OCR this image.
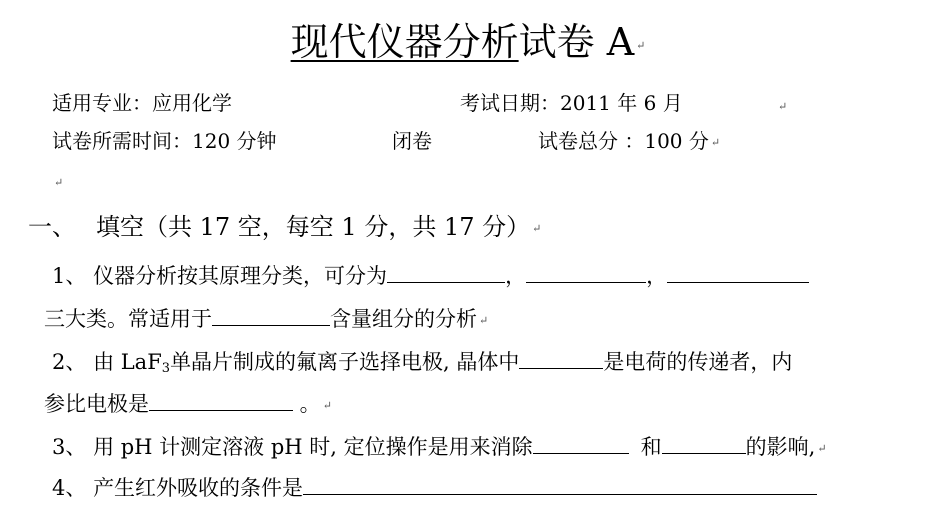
现代仪器分析试卷 A ↵
适用专业：应用化学	考试日期：2011 年 6 月	↵
试卷所需时间：120 分钟	闭卷	试卷总分 ：100 分 ↵
↵
一、 填空（共 17 空，每空 1 分，共 17 分） ↵
1、 仪器分析按其原理分类，可分为	，	，
三大类。常适用于	含量组分的分析 ↵
2、 由 LaF$_3$单晶片制成的氟离子选择电极, 晶体中	是电荷的传递者，内
参比电极是	。 ↵
3、 用 pH 计测定溶液 pH 时, 定位操作是用来消除	和	的影响, ↵
4、 产生红外吸收的条件是
